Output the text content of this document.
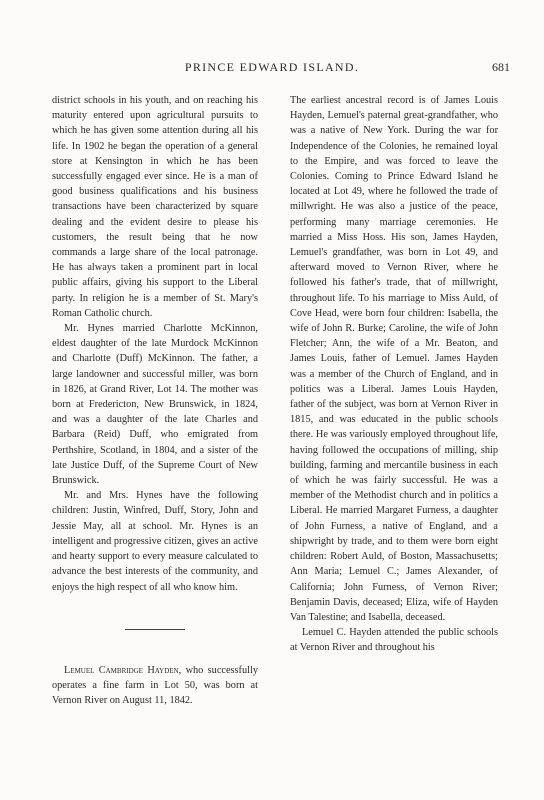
PRINCE EDWARD ISLAND.	681

district schools in his youth, and on reaching his maturity entered upon agricultural pursuits to which he has given some attention during all his life. In 1902 he began the operation of a general store at Kensington in which he has been successfully engaged ever since. He is a man of good business qualifications and his business transactions have been characterized by square dealing and the evident desire to please his customers, the result being that he now commands a large share of the local patronage. He has always taken a prominent part in local public affairs, giving his support to the Liberal party. In religion he is a member of St. Mary's Roman Catholic church.

Mr. Hynes married Charlotte McKinnon, eldest daughter of the late Murdock McKinnon and Charlotte (Duff) McKinnon. The father, a large landowner and successful miller, was born in 1826, at Grand River, Lot 14. The mother was born at Fredericton, New Brunswick, in 1824, and was a daughter of the late Charles and Barbara (Reid) Duff, who emigrated from Perthshire, Scotland, in 1804, and a sister of the late Justice Duff, of the Supreme Court of New Brunswick.

Mr. and Mrs. Hynes have the following children: Justin, Winfred, Duff, Story, John and Jessie May, all at school. Mr. Hynes is an intelligent and progressive citizen, gives an active and hearty support to every measure calculated to advance the best interests of the community, and enjoys the high respect of all who know him.

Lemuel Cambridge Hayden, who successfully operates a fine farm in Lot 50, was born at Vernon River on August 11, 1842.

The earliest ancestral record is of James Louis Hayden, Lemuel's paternal great-grandfather, who was a native of New York. During the war for Independence of the Colonies, he remained loyal to the Empire, and was forced to leave the Colonies. Coming to Prince Edward Island he located at Lot 49, where he followed the trade of millwright. He was also a justice of the peace, performing many marriage ceremonies. He married a Miss Hoss. His son, James Hayden, Lemuel's grandfather, was born in Lot 49, and afterward moved to Vernon River, where he followed his father's trade, that of millwright, throughout life. To his marriage to Miss Auld, of Cove Head, were born four children: Isabella, the wife of John R. Burke; Caroline, the wife of John Fletcher; Ann, the wife of a Mr. Beaton, and James Louis, father of Lemuel. James Hayden was a member of the Church of England, and in politics was a Liberal. James Louis Hayden, father of the subject, was born at Vernon River in 1815, and was educated in the public schools there. He was variously employed throughout life, having followed the occupations of milling, ship building, farming and mercantile business in each of which he was fairly successful. He was a member of the Methodist church and in politics a Liberal. He married Margaret Furness, a daughter of John Furness, a native of England, and a shipwright by trade, and to them were born eight children: Robert Auld, of Boston, Massachusetts; Ann Maria; Lemuel C.; James Alexander, of California; John Furness, of Vernon River; Benjamin Davis, deceased; Eliza, wife of Hayden Van Talestine; and Isabella, deceased.

Lemuel C. Hayden attended the public schools at Vernon River and throughout his
